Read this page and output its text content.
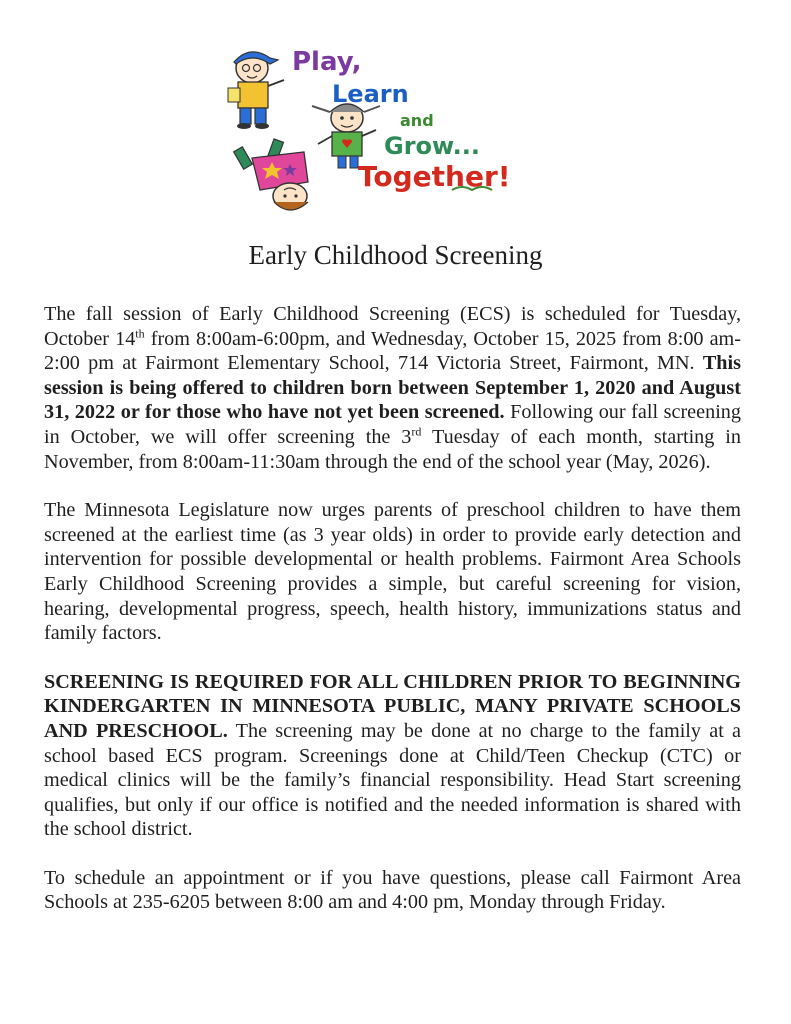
Play,
Learn
and
Grow...
Together!
Early Childhood Screening

The fall session of Early Childhood Screening (ECS) is scheduled for Tuesday, October 14th from 8:00am-6:00pm, and Wednesday, October 15, 2025 from 8:00 am-2:00 pm at Fairmont Elementary School, 714 Victoria Street, Fairmont, MN. This session is being offered to children born between September 1, 2020 and August 31, 2022 or for those who have not yet been screened. Following our fall screening in October, we will offer screening the 3rd Tuesday of each month, starting in November, from 8:00am-11:30am through the end of the school year (May, 2026).

The Minnesota Legislature now urges parents of preschool children to have them screened at the earliest time (as 3 year olds) in order to provide early detection and intervention for possible developmental or health problems. Fairmont Area Schools Early Childhood Screening provides a simple, but careful screening for vision, hearing, developmental progress, speech, health history, immunizations status and family factors.

SCREENING IS REQUIRED FOR ALL CHILDREN PRIOR TO BEGINNING KINDERGARTEN IN MINNESOTA PUBLIC, MANY PRIVATE SCHOOLS AND PRESCHOOL. The screening may be done at no charge to the family at a school based ECS program. Screenings done at Child/Teen Checkup (CTC) or medical clinics will be the family’s financial responsibility. Head Start screening qualifies, but only if our office is notified and the needed information is shared with the school district.

To schedule an appointment or if you have questions, please call Fairmont Area Schools at 235-6205 between 8:00 am and 4:00 pm, Monday through Friday.
